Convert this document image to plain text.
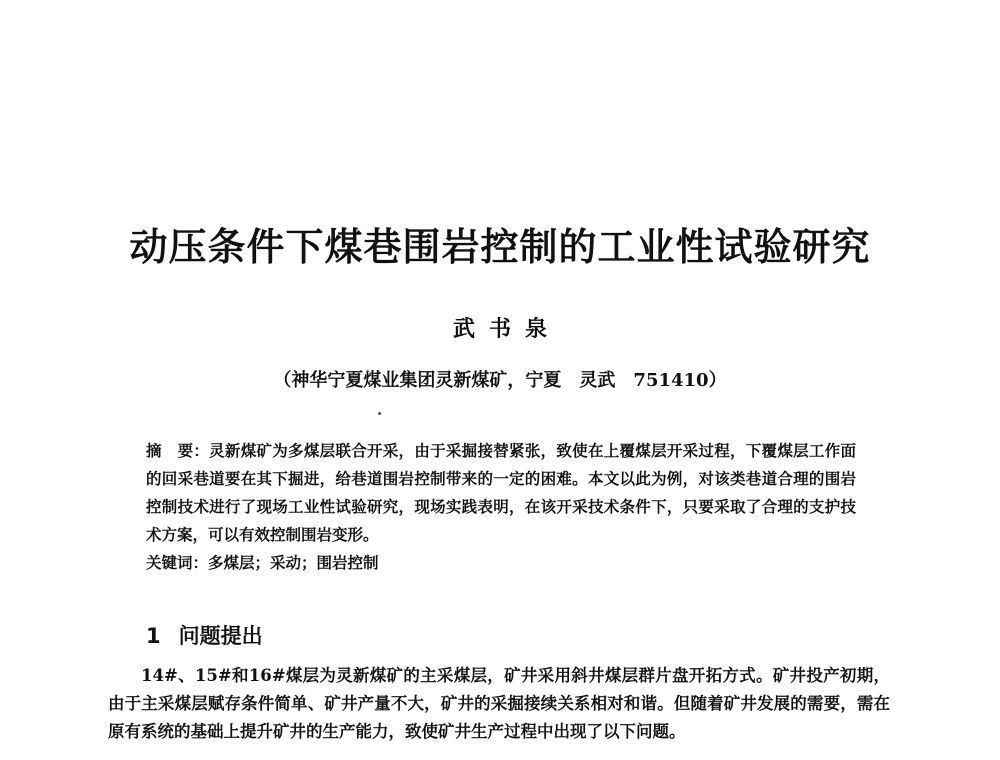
动压条件下煤巷围岩控制的工业性试验研究
武书泉
（神华宁夏煤业集团灵新煤矿，宁夏　灵武　751410）
摘　要：灵新煤矿为多煤层联合开采，由于采掘接替紧张，致使在上覆煤层开采过程，下覆煤层工作面的回采巷道要在其下掘进，给巷道围岩控制带来的一定的困难。本文以此为例，对该类巷道合理的围岩控制技术进行了现场工业性试验研究，现场实践表明，在该开采技术条件下，只要采取了合理的支护技术方案，可以有效控制围岩变形。
关键词：多煤层；采动；围岩控制
1 问题提出
14#、15#和16#煤层为灵新煤矿的主采煤层，矿井采用斜井煤层群片盘开拓方式。矿井投产初期，由于主采煤层赋存条件简单、矿井产量不大，矿井的采掘接续关系相对和谐。但随着矿井发展的需要，需在原有系统的基础上提升矿井的生产能力，致使矿井生产过程中出现了以下问题。
